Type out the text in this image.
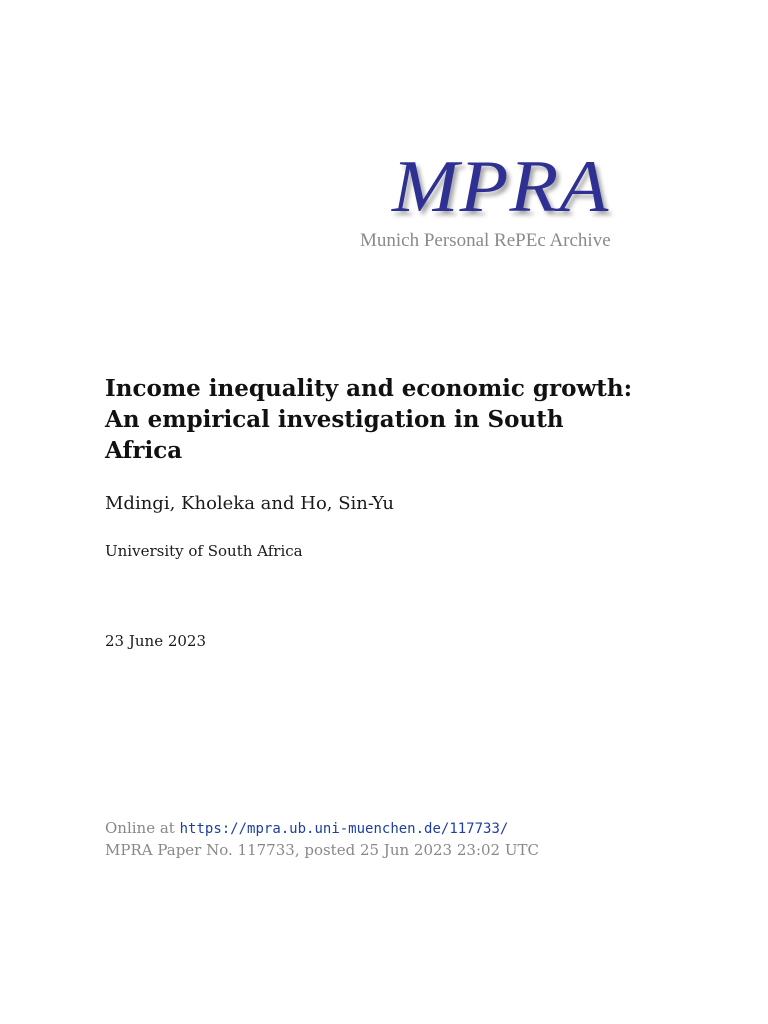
MPRA
Munich Personal RePEc Archive
Income inequality and economic growth:
An empirical investigation in South
Africa
Mdingi, Kholeka and Ho, Sin-Yu
University of South Africa
23 June 2023
Online at https://mpra.ub.uni-muenchen.de/117733/
MPRA Paper No. 117733, posted 25 Jun 2023 23:02 UTC
